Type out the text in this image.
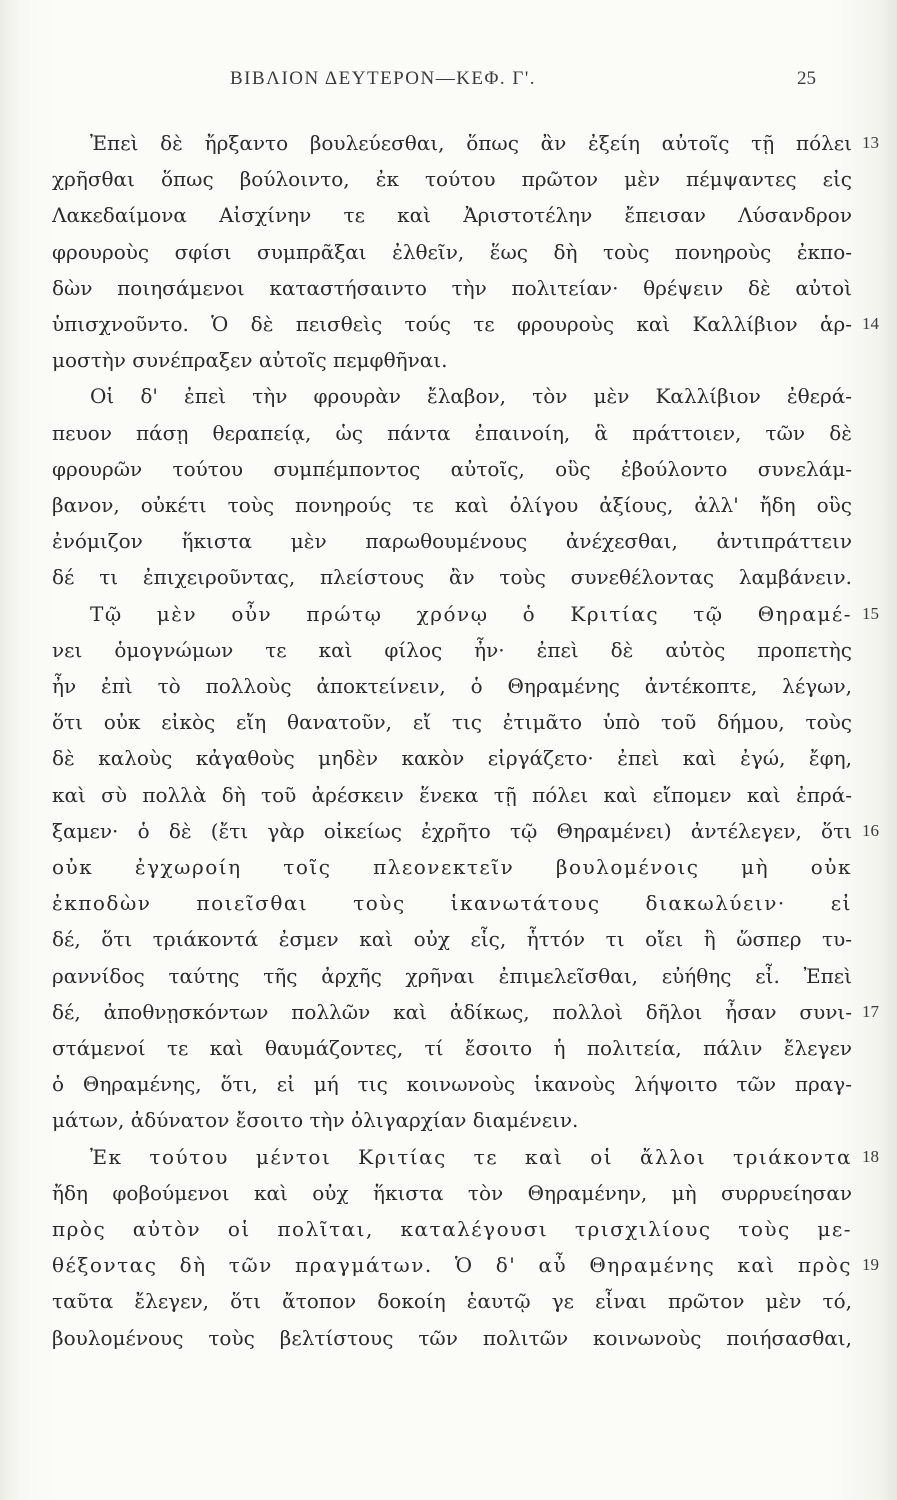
ΒΙΒΛΙΟΝ ΔΕΥΤΕΡΟΝ—ΚΕΦ. Γ'.	25
Ἐπεὶ δὲ ἤρξαντο βουλεύεσθαι, ὅπως ἂν ἐξείη αὐτοῖς τῇ πόλει 13
χρῆσθαι ὅπως βούλοιντο, ἐκ τούτου πρῶτον μὲν πέμψαντες εἰς
Λακεδαίμονα Αἰσχίνην τε καὶ Ἀριστοτέλην ἔπεισαν Λύσανδρον
φρουροὺς σφίσι συμπρᾶξαι ἐλθεῖν, ἕως δὴ τοὺς πονηροὺς ἐκπο-
δὼν ποιησάμενοι καταστήσαιντο τὴν πολιτείαν· θρέψειν δὲ αὐτοὶ
ὑπισχνοῦντο. Ὁ δὲ πεισθεὶς τούς τε φρουροὺς καὶ Καλλίβιον ἁρ- 14
μοστὴν συνέπραξεν αὐτοῖς πεμφθῆναι.
Οἱ δ' ἐπεὶ τὴν φρουρὰν ἔλαβον, τὸν μὲν Καλλίβιον ἐθερά-
πευον πάσῃ θεραπείᾳ, ὡς πάντα ἐπαινοίη, ἃ πράττοιεν, τῶν δὲ
φρουρῶν τούτου συμπέμποντος αὐτοῖς, οὓς ἐβούλοντο συνελάμ-
βανον, οὐκέτι τοὺς πονηρούς τε καὶ ὀλίγου ἀξίους, ἀλλ' ἤδη οὓς
ἐνόμιζον ἥκιστα μὲν παρωθουμένους ἀνέχεσθαι, ἀντιπράττειν
δέ τι ἐπιχειροῦντας, πλείστους ἂν τοὺς συνεθέλοντας λαμβάνειν.
Τῷ μὲν οὖν πρώτῳ χρόνῳ ὁ Κριτίας τῷ Θηραμέ- 15
νει ὁμογνώμων τε καὶ φίλος ἦν· ἐπεὶ δὲ αὐτὸς προπετὴς
ἦν ἐπὶ τὸ πολλοὺς ἀποκτείνειν, ὁ Θηραμένης ἀντέκοπτε, λέγων,
ὅτι οὐκ εἰκὸς εἴη θανατοῦν, εἴ τις ἐτιμᾶτο ὑπὸ τοῦ δήμου, τοὺς
δὲ καλοὺς κἀγαθοὺς μηδὲν κακὸν εἰργάζετο· ἐπεὶ καὶ ἐγώ, ἔφη,
καὶ σὺ πολλὰ δὴ τοῦ ἀρέσκειν ἕνεκα τῇ πόλει καὶ εἴπομεν καὶ ἐπρά-
ξαμεν· ὁ δὲ (ἔτι γὰρ οἰκείως ἐχρῆτο τῷ Θηραμένει) ἀντέλεγεν, ὅτι 16
οὐκ ἐγχωροίη τοῖς πλεονεκτεῖν βουλομένοις μὴ οὐκ
ἐκποδὼν ποιεῖσθαι τοὺς ἱκανωτάτους διακωλύειν· εἰ
δέ, ὅτι τριάκοντά ἐσμεν καὶ οὐχ εἷς, ἧττόν τι οἴει ἢ ὥσπερ τυ-
ραννίδος ταύτης τῆς ἀρχῆς χρῆναι ἐπιμελεῖσθαι, εὐήθης εἶ. Ἐπεὶ
δέ, ἀποθνῃσκόντων πολλῶν καὶ ἀδίκως, πολλοὶ δῆλοι ἦσαν συνι- 17
στάμενοί τε καὶ θαυμάζοντες, τί ἔσοιτο ἡ πολιτεία, πάλιν ἔλεγεν
ὁ Θηραμένης, ὅτι, εἰ μή τις κοινωνοὺς ἱκανοὺς λήψοιτο τῶν πραγ-
μάτων, ἀδύνατον ἔσοιτο τὴν ὀλιγαρχίαν διαμένειν.
Ἐκ τούτου μέντοι Κριτίας τε καὶ οἱ ἄλλοι τριάκοντα 18
ἤδη φοβούμενοι καὶ οὐχ ἥκιστα τὸν Θηραμένην, μὴ συρρυείησαν
πρὸς αὐτὸν οἱ πολῖται, καταλέγουσι τρισχιλίους τοὺς με-
θέξοντας δὴ τῶν πραγμάτων. Ὁ δ' αὖ Θηραμένης καὶ πρὸς 19
ταῦτα ἔλεγεν, ὅτι ἄτοπον δοκοίη ἑαυτῷ γε εἶναι πρῶτον μὲν τό,
βουλομένους τοὺς βελτίστους τῶν πολιτῶν κοινωνοὺς ποιήσασθαι,
